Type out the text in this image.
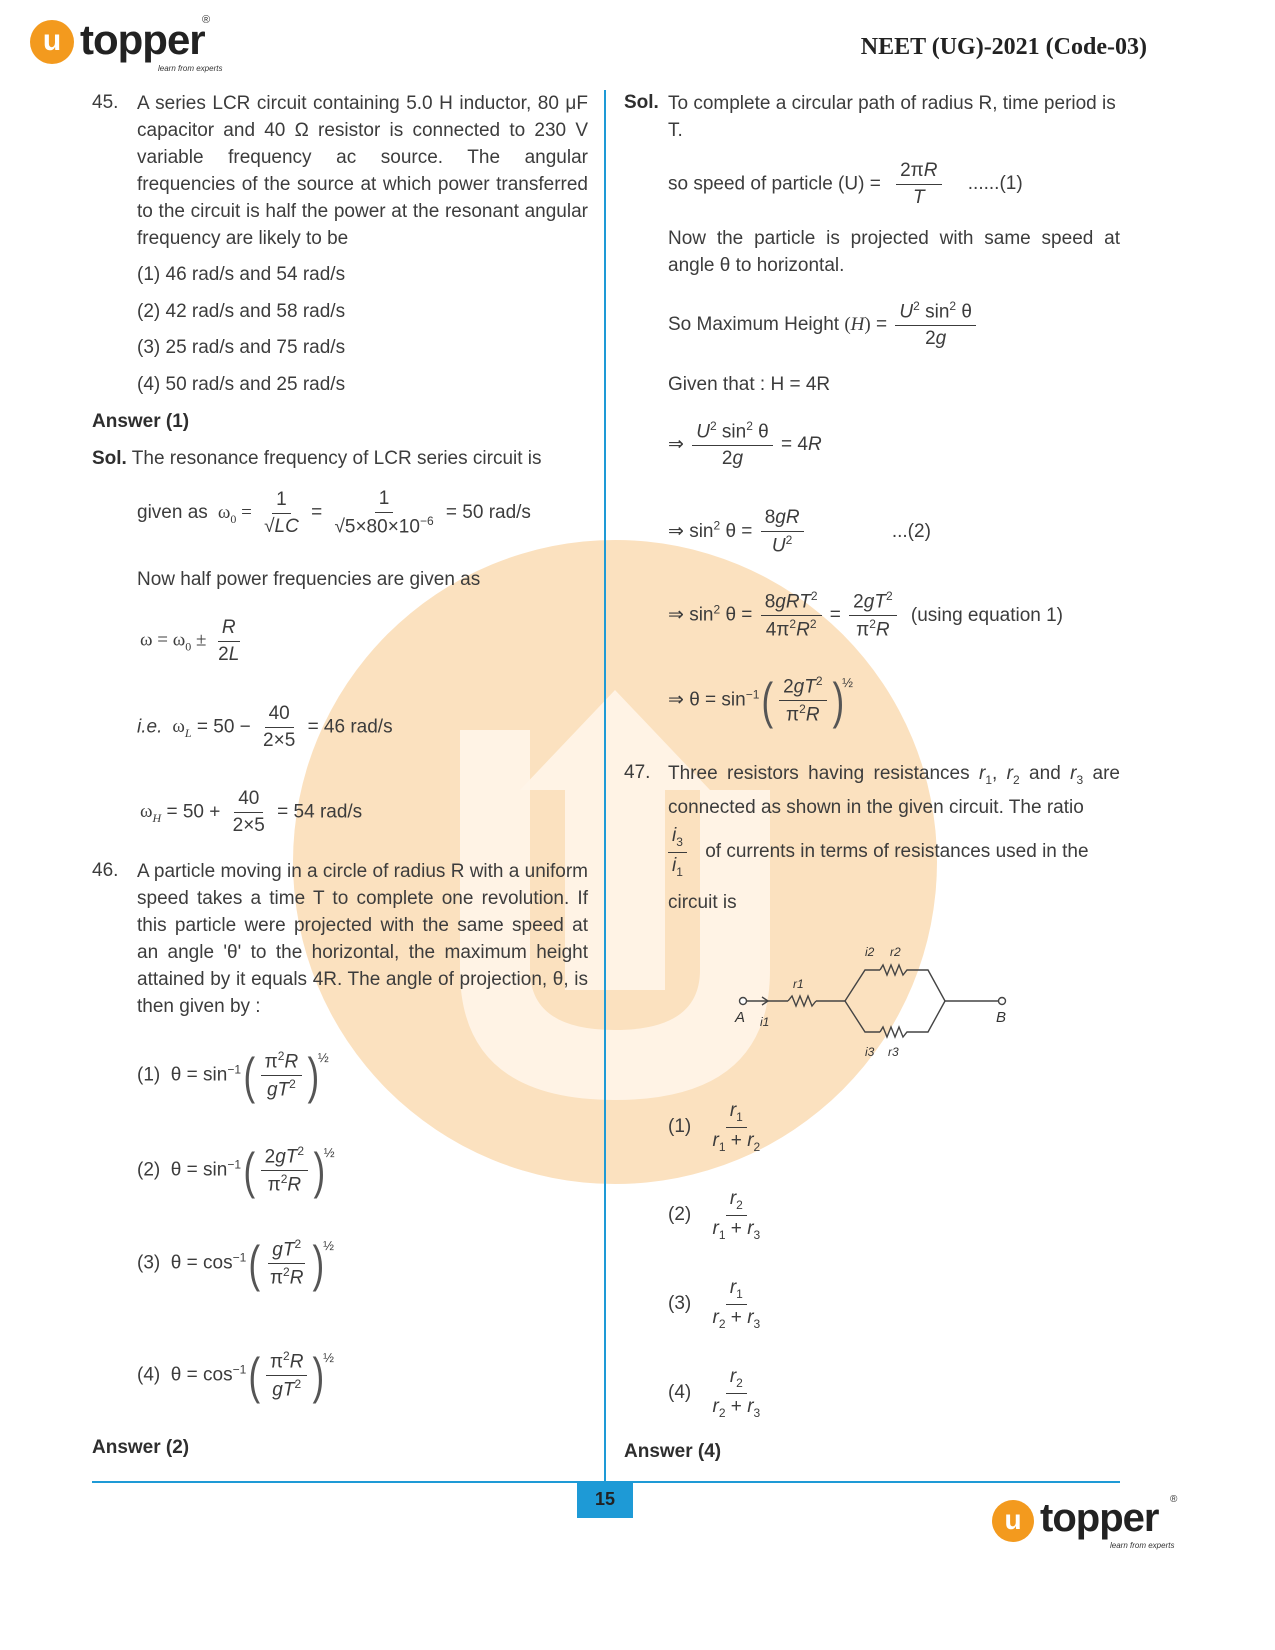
u topper
®
learn from experts
NEET (UG)-2021 (Code-03)
45. A series LCR circuit containing 5.0 H inductor, 80 μF capacitor and 40 Ω resistor is connected to 230 V variable frequency ac source. The angular frequencies of the source at which power transferred to the circuit is half the power at the resonant angular frequency are likely to be
(1) 46 rad/s and 54 rad/s
(2) 42 rad/s and 58 rad/s
(3) 25 rad/s and 75 rad/s
(4) 50 rad/s and 25 rad/s
Answer (1)
Sol. The resonance frequency of LCR series circuit is
given as  $\omega_0 = \frac{1}{√LC} = \frac{1}{√5\times 80\times 10^{-6}} = 50$ rad/s
Now half power frequencies are given as
$\omega = \omega_0 \pm \frac{R}{2L}$
i.e.  $\omega_L = 50 - \frac{40}{2\times 5} = 46$ rad/s
$\omega_H = 50 + \frac{40}{2\times 5} = 54$ rad/s
46. A particle moving in a circle of radius R with a uniform speed takes a time T to complete one revolution. If this particle were projected with the same speed at an angle 'θ' to the horizontal, the maximum height attained by it equals 4R. The angle of projection, θ, is then given by :
(1)  $\theta = \sin^{-1}$ ( $\frac{\pi^2R}{gT^2}$ )
½
(2)  $\theta = \sin^{-1}$ ( $\frac{2gT^2}{\pi^2R}$ )
½
(3)  $\theta = \cos^{-1}$ ( $\frac{gT^2}{\pi^2R}$ )
½
(4)  $\theta = \cos^{-1}$ ( $\frac{\pi^2R}{gT^2}$ )
½
Answer (2)
Sol. To complete a circular path of radius R, time period is T.
so speed of particle $(U) = \frac{2\pi R}{T} ......(1)$
Now the particle is projected with same speed at angle θ to horizontal.
So Maximum Height $(H) = \frac{U^2 \sin^2 \theta}{2g}$
Given that : H = 4R
⇒ $\frac{U^2 \sin^2 \theta}{2g} = 4R$
⇒ $\sin^2 \theta = \frac{8gR}{U^2}$	...(2)
⇒ $\sin^2 \theta = \frac{8gRT^2}{4\pi^2R^2} = \frac{2gT^2}{\pi^2R} (using$ equation 1)
⇒ $\theta = \sin^{-1}$ ( $\frac{2gT^2}{\pi^2R}$ )
½
47. Three resistors having resistances $r_1$, $r_2$ and $r_3$ are connected as shown in the given circuit. The ratio
$\frac{i_3}{i_1}$ of currents in terms of resistances used in the
circuit is
A	B
i1
r1
i2 r2
i3 r3
$(1) \frac{r_1}{r_1 + r_2}$
$(2) \frac{r_2}{r_1 + r_3}$
$(3) \frac{r_1}{r_2 + r_3}$
$(4) \frac{r_2}{r_2 + r_3}$
Answer (4)
15
u topper ®
learn from experts
